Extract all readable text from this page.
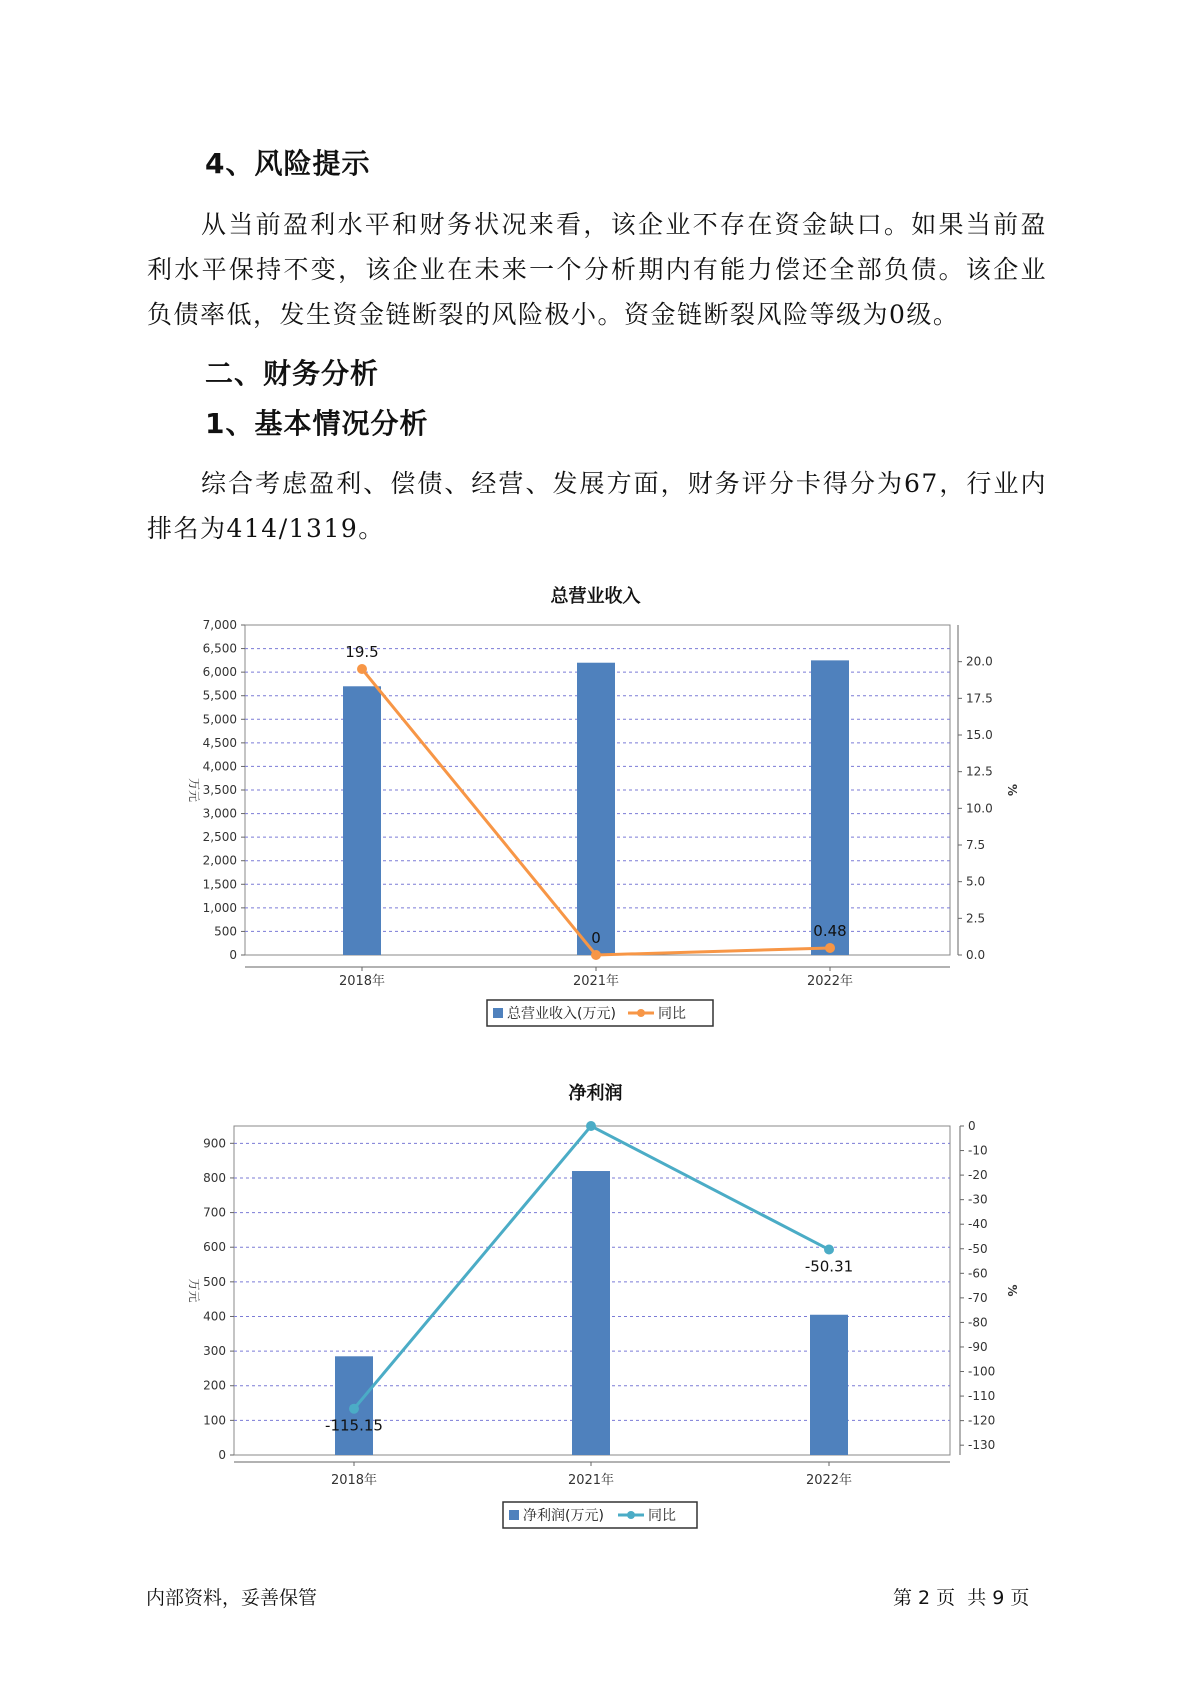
4、风险提示

从当前盈利水平和财务状况来看，该企业不存在资金缺口。如果当前盈利水平保持不变，该企业在未来一个分析期内有能力偿还全部负债。该企业负债率低，发生资金链断裂的风险极小。资金链断裂风险等级为0级。

二、财务分析
1、基本情况分析

综合考虑盈利、偿债、经营、发展方面，财务评分卡得分为67，行业内排名为414/1319。

总营业收入
0
500
1,000
1,500
2,000
2,500
3,000
3,500
4,000
4,500
5,000
5,500
6,000
6,500
7,000
0.0
2.5
5.0
7.5
10.0
12.5
15.0
17.5
20.0
2018年	2021年	2022年
万元	%
19.5
0	0.48
总营业收入(万元)	同比
净利润
0
100
200
300
400
500
600
700
800
900
0
-10
-20
-30
-40
-50
-60
-70
-80
-90
-100
-110
-120
-130
2018年	2021年	2022年
万元	%
-115.15
-50.31
净利润(万元)	同比
内部资料，妥善保管	第 2 页  共 9 页
